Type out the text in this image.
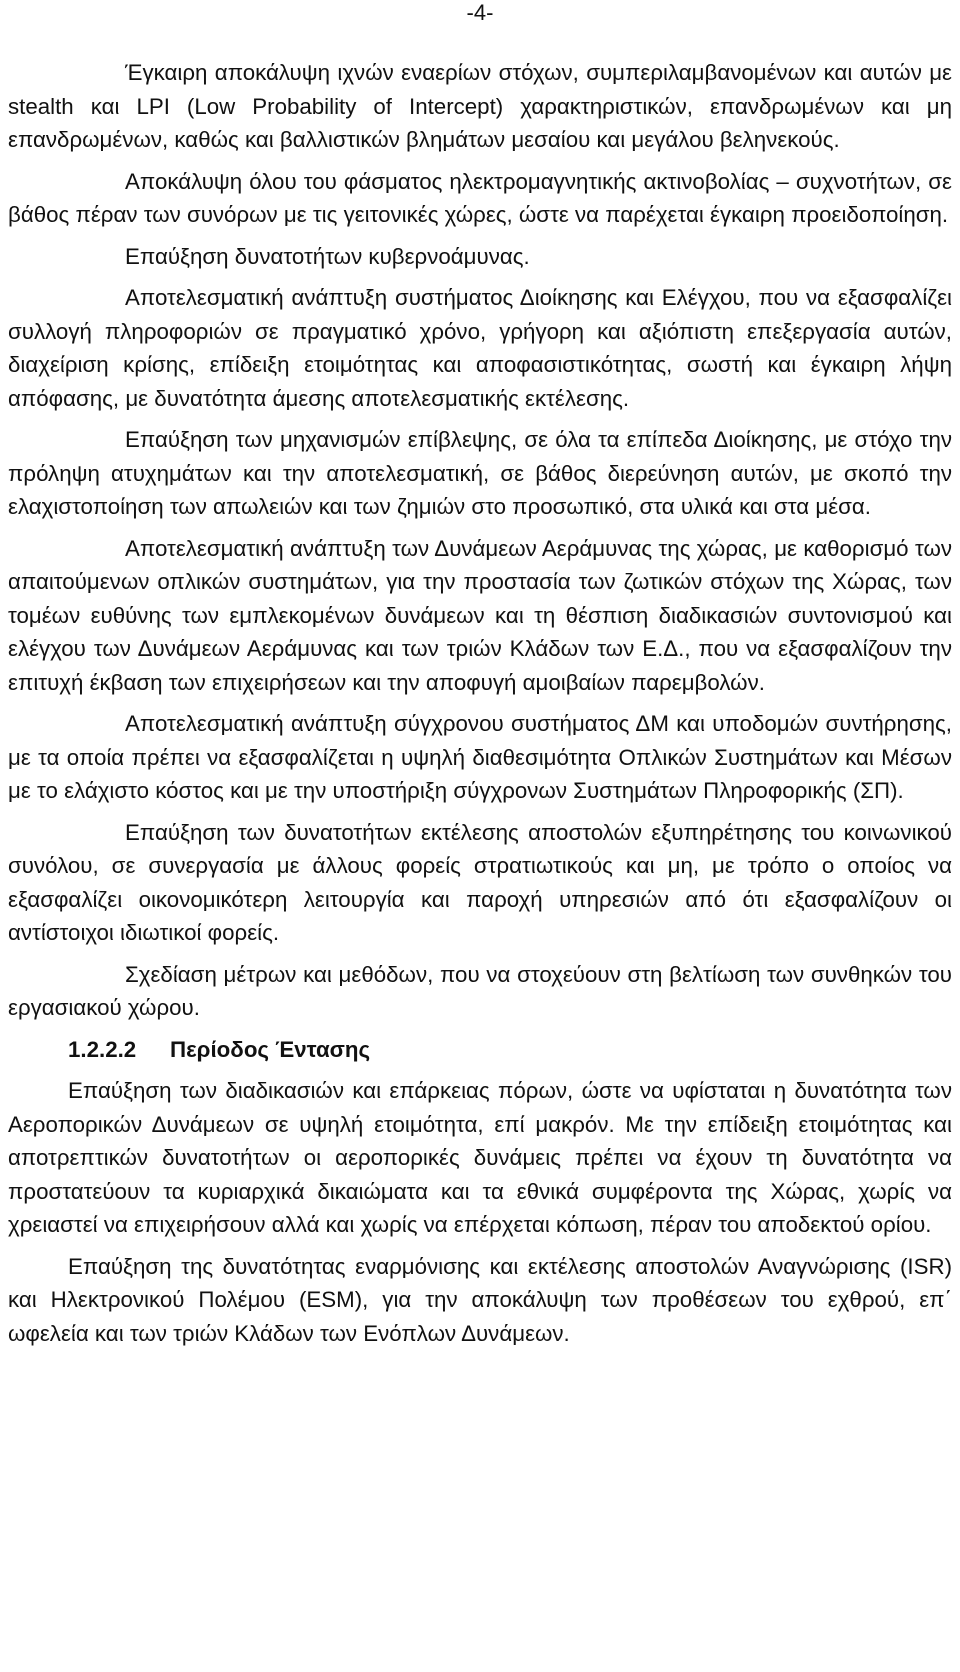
-4-

Έγκαιρη αποκάλυψη ιχνών εναερίων στόχων, συμπεριλαμβανομένων και αυτών με stealth και LPI (Low Probability of Intercept) χαρακτηριστικών, επανδρωμένων και μη επανδρωμένων, καθώς και βαλλιστικών βλημάτων μεσαίου και μεγάλου βεληνεκούς.

Αποκάλυψη όλου του φάσματος ηλεκτρομαγνητικής ακτινοβολίας – συχνοτήτων, σε βάθος πέραν των συνόρων με τις γειτονικές χώρες, ώστε να παρέχεται έγκαιρη προειδοποίηση.

Επαύξηση δυνατοτήτων κυβερνοάμυνας.

Αποτελεσματική ανάπτυξη συστήματος Διοίκησης και Ελέγχου, που να εξασφαλίζει συλλογή πληροφοριών σε πραγματικό χρόνο, γρήγορη και αξιόπιστη επεξεργασία αυτών, διαχείριση κρίσης, επίδειξη ετοιμότητας και αποφασιστικότητας, σωστή και έγκαιρη λήψη απόφασης, με δυνατότητα άμεσης αποτελεσματικής εκτέλεσης.

Επαύξηση των μηχανισμών επίβλεψης, σε όλα τα επίπεδα Διοίκησης, με στόχο την πρόληψη ατυχημάτων και την αποτελεσματική, σε βάθος διερεύνηση αυτών, με σκοπό την ελαχιστοποίηση των απωλειών και των ζημιών στο προσωπικό, στα υλικά και στα μέσα.

Αποτελεσματική ανάπτυξη των Δυνάμεων Αεράμυνας της χώρας, με καθορισμό των απαιτούμενων οπλικών συστημάτων, για την προστασία των ζωτικών στόχων της Χώρας, των τομέων ευθύνης των εμπλεκομένων δυνάμεων και τη θέσπιση διαδικασιών συντονισμού και ελέγχου των Δυνάμεων Αεράμυνας και των τριών Κλάδων των Ε.Δ., που να εξασφαλίζουν την επιτυχή έκβαση των επιχειρήσεων και την αποφυγή αμοιβαίων παρεμβολών.

Αποτελεσματική ανάπτυξη σύγχρονου συστήματος ΔΜ και υποδομών συντήρησης, με τα οποία πρέπει να εξασφαλίζεται η υψηλή διαθεσιμότητα Οπλικών Συστημάτων και Μέσων με το ελάχιστο κόστος και με την υποστήριξη σύγχρονων Συστημάτων Πληροφορικής (ΣΠ).

Επαύξηση των δυνατοτήτων εκτέλεσης αποστολών εξυπηρέτησης του κοινωνικού συνόλου, σε συνεργασία με άλλους φορείς στρατιωτικούς και μη, με τρόπο ο οποίος να εξασφαλίζει οικονομικότερη λειτουργία και παροχή υπηρεσιών από ότι εξασφαλίζουν οι αντίστοιχοι ιδιωτικοί φορείς.

Σχεδίαση μέτρων και μεθόδων, που να στοχεύουν στη βελτίωση των συνθηκών του εργασιακού χώρου.

1.2.2.2 Περίοδος Έντασης

Επαύξηση των διαδικασιών και επάρκειας πόρων, ώστε να υφίσταται η δυνατότητα των Αεροπορικών Δυνάμεων σε υψηλή ετοιμότητα, επί μακρόν. Με την επίδειξη ετοιμότητας και αποτρεπτικών δυνατοτήτων οι αεροπορικές δυνάμεις πρέπει να έχουν τη δυνατότητα να προστατεύουν τα κυριαρχικά δικαιώματα και τα εθνικά συμφέροντα της Χώρας, χωρίς να χρειαστεί να επιχειρήσουν αλλά και χωρίς να επέρχεται κόπωση, πέραν του αποδεκτού ορίου.

Επαύξηση της δυνατότητας εναρμόνισης και εκτέλεσης αποστολών Αναγνώρισης (ISR) και Ηλεκτρονικού Πολέμου (ESM), για την αποκάλυψη των προθέσεων του εχθρού, επ΄ ωφελεία και των τριών Κλάδων των Ενόπλων Δυνάμεων.
